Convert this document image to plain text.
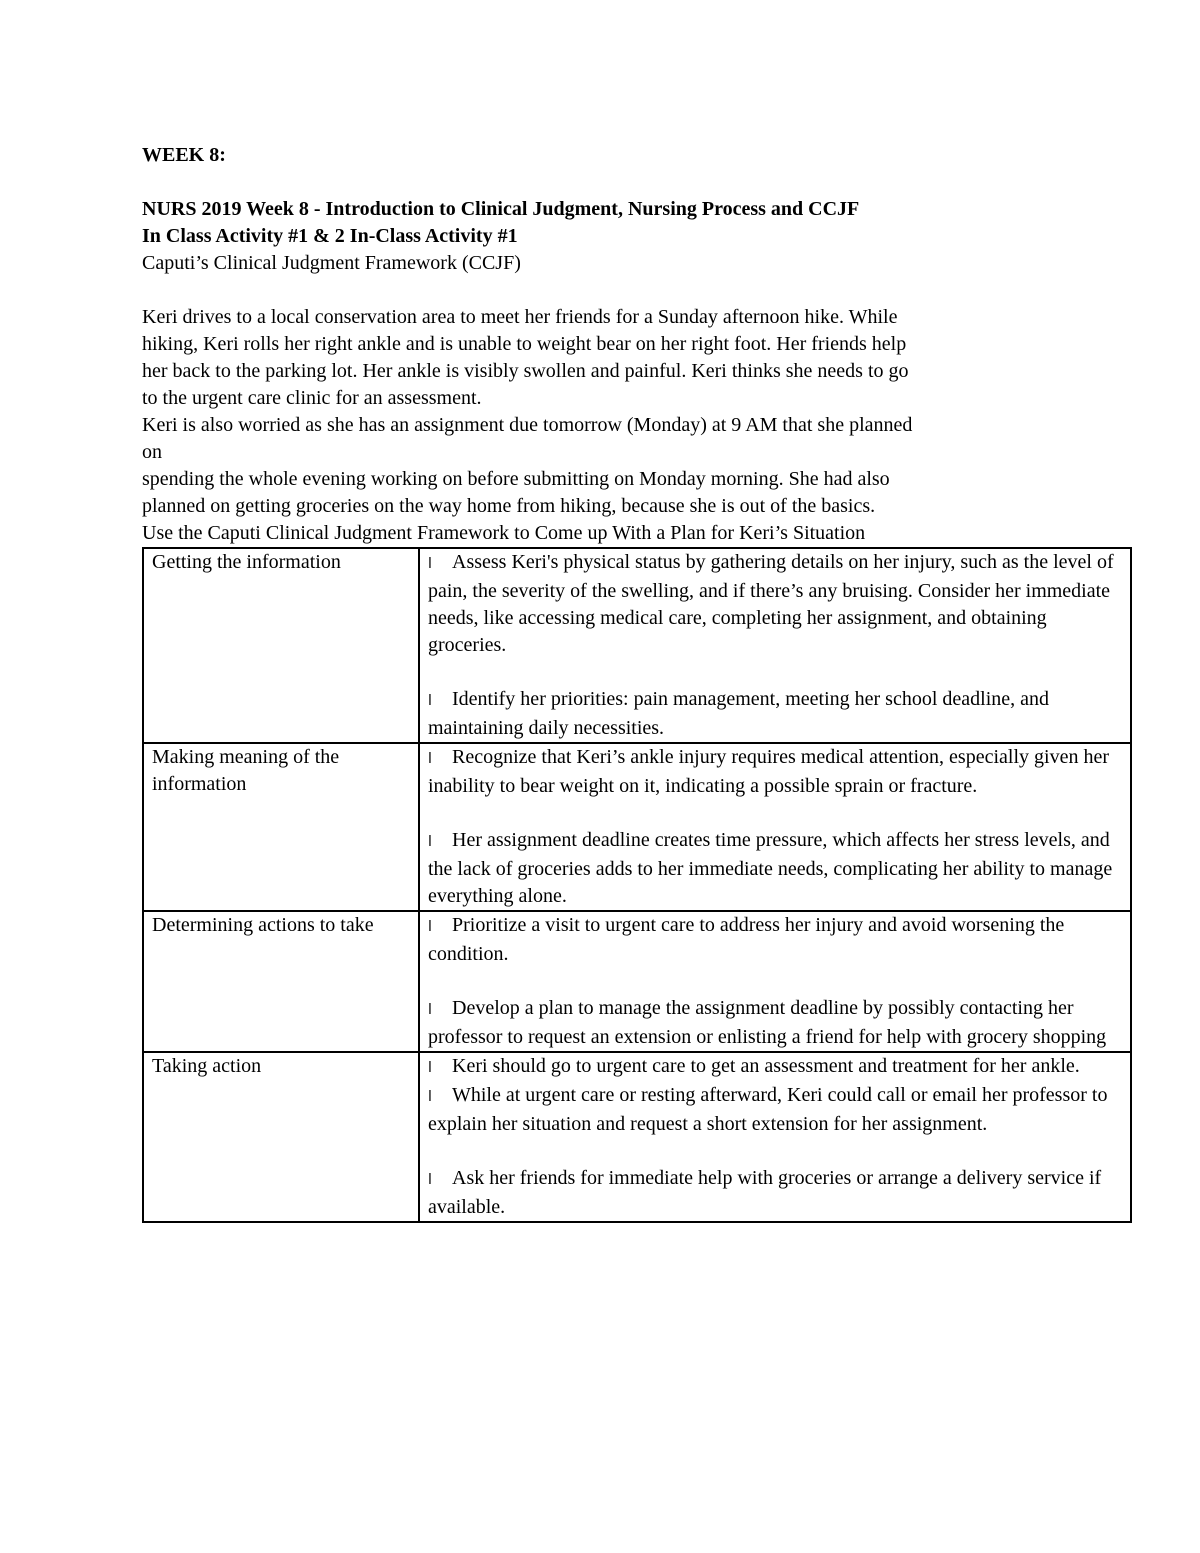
WEEK 8:

NURS 2019 Week 8 - Introduction to Clinical Judgment, Nursing Process and CCJF

In Class Activity #1 & 2 In-Class Activity #1

Caputi’s Clinical Judgment Framework (CCJF)

Keri drives to a local conservation area to meet her friends for a Sunday afternoon hike. While

hiking, Keri rolls her right ankle and is unable to weight bear on her right foot. Her friends help

her back to the parking lot. Her ankle is visibly swollen and painful. Keri thinks she needs to go

to the urgent care clinic for an assessment.

Keri is also worried as she has an assignment due tomorrow (Monday) at 9 AM that she planned

on

spending the whole evening working on before submitting on Monday morning. She had also

planned on getting groceries on the way home from hiking, because she is out of the basics.

Use the Caputi Clinical Judgment Framework to Come up With a Plan for Keri’s Situation

Getting the information	l Assess Keri's physical status by gathering details on her injury, such as the level of pain, the severity of the swelling, and if there’s any bruising. Consider her immediate needs, like accessing medical care, completing her assignment, and obtaining groceries.

l Identify her priorities: pain management, meeting her school deadline, and maintaining daily necessities.

Making meaning of the information	l Recognize that Keri’s ankle injury requires medical attention, especially given her inability to bear weight on it, indicating a possible sprain or fracture.

l Her assignment deadline creates time pressure, which affects her stress levels, and the lack of groceries adds to her immediate needs, complicating her ability to manage everything alone.

Determining actions to take	l Prioritize a visit to urgent care to address her injury and avoid worsening the condition.

l Develop a plan to manage the assignment deadline by possibly contacting her professor to request an extension or enlisting a friend for help with grocery shopping

Taking action	l Keri should go to urgent care to get an assessment and treatment for her ankle.

l While at urgent care or resting afterward, Keri could call or email her professor to explain her situation and request a short extension for her assignment.

l Ask her friends for immediate help with groceries or arrange a delivery service if available.
